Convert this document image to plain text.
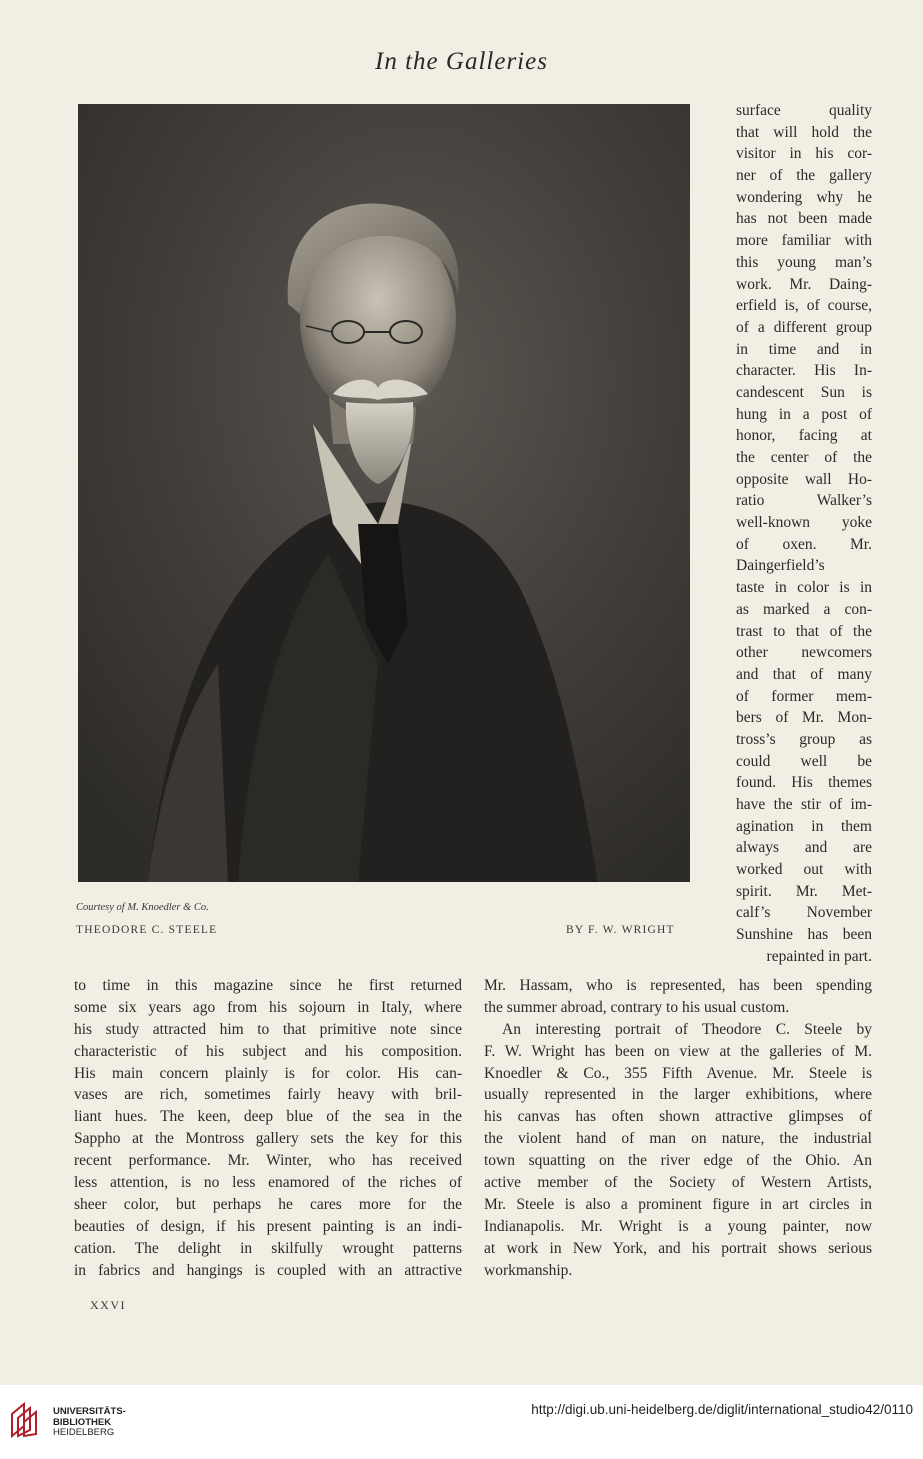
In the Galleries
Courtesy of M. Knoedler & Co.
THEODORE C. STEELE	BY F. W. WRIGHT
surface quality
that will hold the
visitor in his cor-
ner of the gallery
wondering why he
has not been made
more familiar with
this young man’s
work. Mr. Daing-
erfield is, of course,
of a different group
in time and in
character. His In-
candescent Sun is
hung in a post of
honor, facing at
the center of the
opposite wall Ho-
ratio Walker’s
well-known yoke
of oxen. Mr.
Daingerfield’s
taste in color is in
as marked a con-
trast to that of the
other newcomers
and that of many
of former mem-
bers of Mr. Mon-
tross’s group as
could well be
found. His themes
have the stir of im-
agination in them
always and are
worked out with
spirit. Mr. Met-
calf’s November
Sunshine has been
repainted in part.
to time in this magazine since he first returned
some six years ago from his sojourn in Italy, where
his study attracted him to that primitive note since
characteristic of his subject and his composition.
His main concern plainly is for color. His can-
vases are rich, sometimes fairly heavy with bril-
liant hues. The keen, deep blue of the sea in the
Sappho at the Montross gallery sets the key for this
recent performance. Mr. Winter, who has received
less attention, is no less enamored of the riches of
sheer color, but perhaps he cares more for the
beauties of design, if his present painting is an indi-
cation. The delight in skilfully wrought patterns
in fabrics and hangings is coupled with an attractive
Mr. Hassam, who is represented, has been spending
the summer abroad, contrary to his usual custom.
An interesting portrait of Theodore C. Steele by
F. W. Wright has been on view at the galleries of M.
Knoedler & Co., 355 Fifth Avenue. Mr. Steele is
usually represented in the larger exhibitions, where
his canvas has often shown attractive glimpses of
the violent hand of man on nature, the industrial
town squatting on the river edge of the Ohio. An
active member of the Society of Western Artists,
Mr. Steele is also a prominent figure in art circles in
Indianapolis. Mr. Wright is a young painter, now
at work in New York, and his portrait shows serious
workmanship.
XXVI
UNIVERSITÄTS-
BIBLIOTHEK
HEIDELBERG
http://digi.ub.uni-heidelberg.de/diglit/international_studio42/0110
